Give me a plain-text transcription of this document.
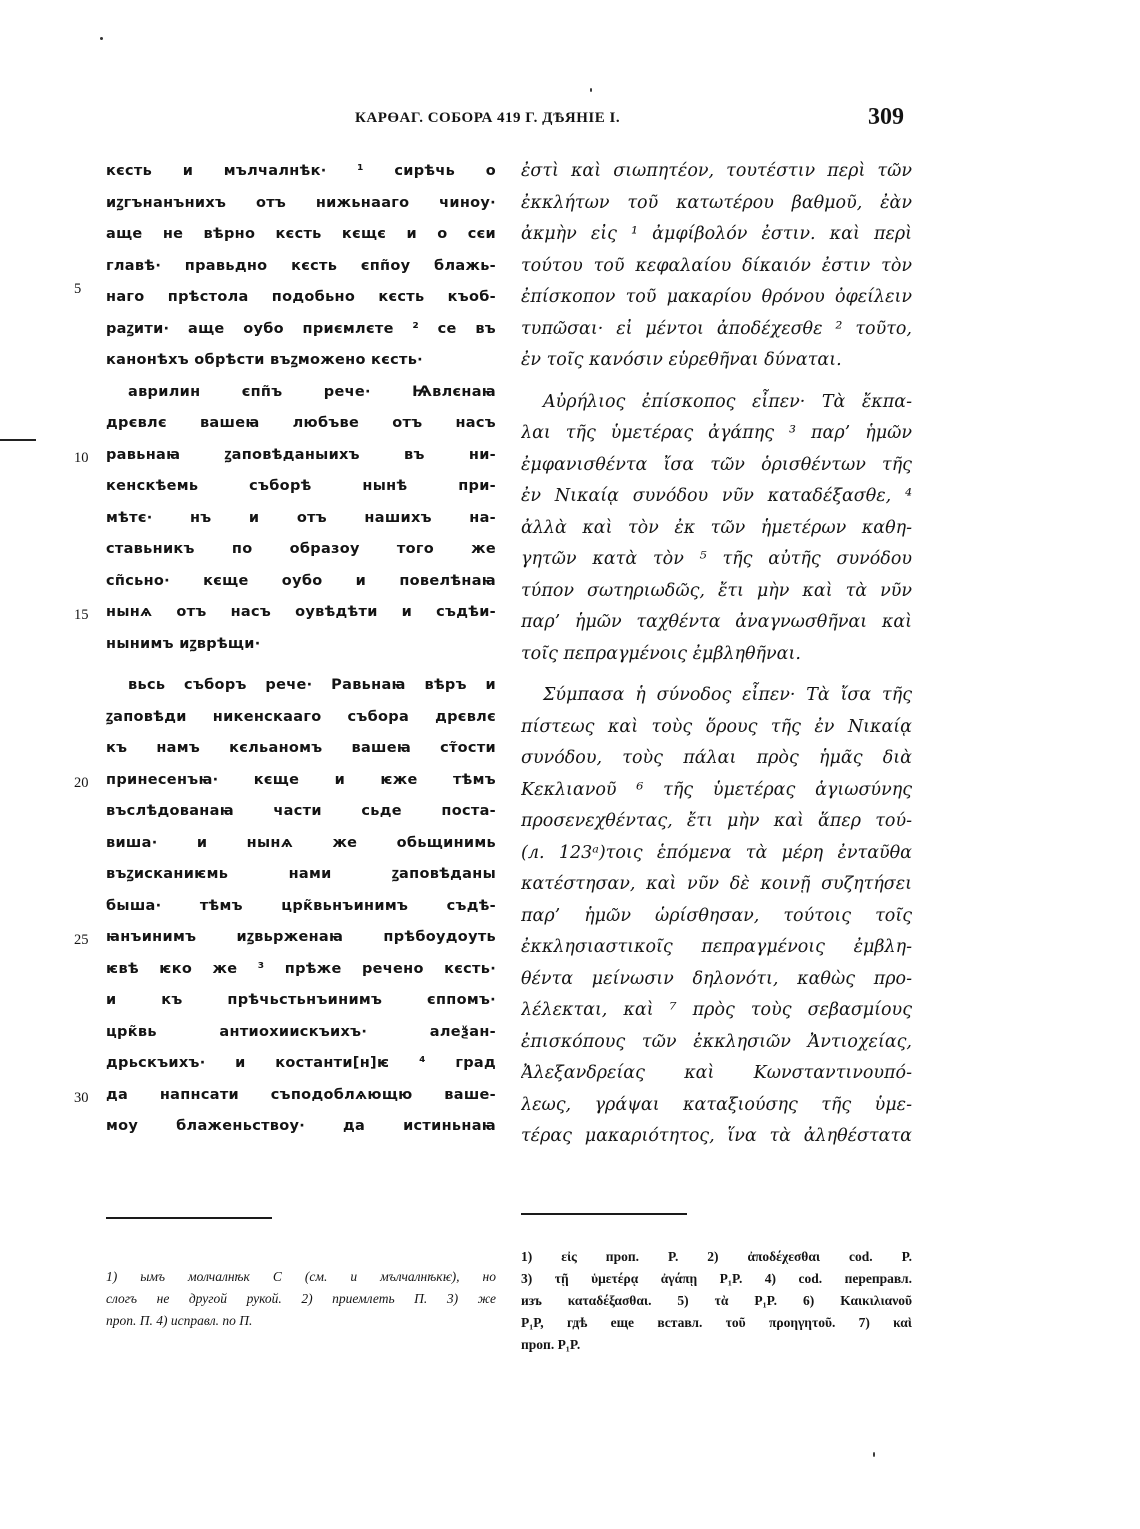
КАРӨАГ. СОБОРА 419 Г. ДѢЯНІЕ I.	309
5
10
15
20
25
30
кєсть и мълчалнѣк· ¹ сирѣчь о
иꙁгънанънихъ отъ нижьнааго чиноу·
аще не вѣрно кєсть кєщє и о сєи
главѣ· правьдно кєсть єпп̃оу блажь-
наго прѣстола подобьно кєсть къоб-
раꙁити· аще оубо приємлєте ² се въ
канонѣхъ обрѣсти въꙁможено кєсть·
аврилин єпп̃ъ рече· Ѩвлєнаꙗ
дрєвлє вашеꙗ любъве отъ насъ
равьнаꙗ ꙁаповѣданыихъ въ ни-
кенскѣемь съборѣ нынѣ при-
мѣтє· нъ и отъ нашихъ на-
ставьникъ по образоу того же
сп̃сьно· кєще оубо и повелѣнаꙗ
нынѧ отъ насъ оувѣдѣти и съдѣи-
нынимъ иꙁврѣщи·
вьсь съборъ рече· Равьнаꙗ вѣръ и
ꙁаповѣди никенскаагo събора дрєвлє
къ намъ кєльаномъ вашеꙗ ст̃ости
принесенъꙗ· кєще и ѥже тѣмъ
въслѣдованаꙗ части сьде поста-
виша· и нынѧ же обьщинимь
въꙁисканиѥмь нами ꙁаповѣданы
быша· тѣмъ црк̃вьнъинимъ съдѣ-
ꙗнъинимъ иꙁвьрженаꙗ прѣбоудоуть
ѥвѣ ѥко же ³ прѣже речено кєсть·
и къ прѣчьстьнъинимъ єппомъ·
црк̃вь антиохиискъихъ· алеѯан-
дрьскъихъ· и костанти[н]ѥ ⁴ град
да напнсати съподоблѧющю ваше-
моу блаженьствоу· да истиньнаꙗ
ἐστὶ καὶ σιωπητέον, τουτέστιν περὶ τῶν
ἐκκλήτων τοῦ κατωτέρου βαθμοῦ, ἐὰν
ἀκμὴν εἰς ¹ ἀμφίβολόν ἐστιν. καὶ περὶ
τούτου τοῦ κεφαλαίου δίκαιόν ἐστιν τὸν
ἐπίσκοπον τοῦ μακαρίου θρόνου ὀφείλειν
τυπῶσαι· εἰ μέντοι ἀποδέχεσθε ² τοῦτο,
ἐν τοῖς κανόσιν εὑρεθῆναι δύναται.
Αὐρήλιος ἐπίσκοπος εἶπεν· Τὰ ἔκπα-
λαι τῆς ὑμετέρας ἀγάπης ³ παρ’ ἡμῶν
ἐμφανισθέντα ἴσα τῶν ὁρισθέντων τῆς
ἐν Νικαίᾳ συνόδου νῦν καταδέξασθε, ⁴
ἀλλὰ καὶ τὸν ἐκ τῶν ἡμετέρων καθη-
γητῶν κατὰ τὸν ⁵ τῆς αὐτῆς συνόδου
τύπον σωτηριωδῶς, ἔτι μὴν καὶ τὰ νῦν
παρ’ ἡμῶν ταχθέντα ἀναγνωσθῆναι καὶ
τοῖς πεπραγμένοις ἐμβληθῆναι.
Σύμπασα ἡ σύνοδος εἶπεν· Τὰ ἴσα τῆς
πίστεως καὶ τοὺς ὅρους τῆς ἐν Νικαίᾳ
συνόδου, τοὺς πάλαι πρὸς ἡμᾶς διὰ
Κεκλιανοῦ ⁶ τῆς ὑμετέρας ἁγιωσύνης
προσενεχθέντας, ἔτι μὴν καὶ ἅπερ τού-
(л. 123ᵃ)τοις ἑπόμενα τὰ μέρη ἐνταῦθα
κατέστησαν, καὶ νῦν δὲ κοινῇ συζητήσει
παρ’ ἡμῶν ὡρίσθησαν, τούτοις τοῖς
ἐκκλησιαστικοῖς πεπραγμένοις ἐμβλη-
θέντα μείνωσιν δηλονότι, καθὼς προ-
λέλεκται, καὶ ⁷ πρὸς τοὺς σεβασμίους
ἐπισκόπους τῶν ἐκκλησιῶν Ἀντιοχείας,
Ἀλεξανδρείας καὶ Κωνσταντινουπό-
λεως, γράψαι καταξιούσης τῆς ὑμε-
τέρας μακαριότητος, ἵνα τὰ ἀληθέστατα
1) ымъ молчалнѣк С (см. и мълчалнѣкѥ), но
слогъ не другой рукой. 2) приемлеть П. 3) же
проп. П. 4) исправл. по П.
1) εἰς проп. P. 2) ἀποδέχεσθαι cod. P.
3) τῇ ὑμετέρᾳ ἀγάπῃ P₁P. 4) cod. переправл.
изъ καταδέξασθαι. 5) τὰ P₁P. 6) Καικιλιανοῦ
P₁P, гдѣ еще вставл. τοῦ προηγητοῦ. 7) καὶ
проп. P₁P.
